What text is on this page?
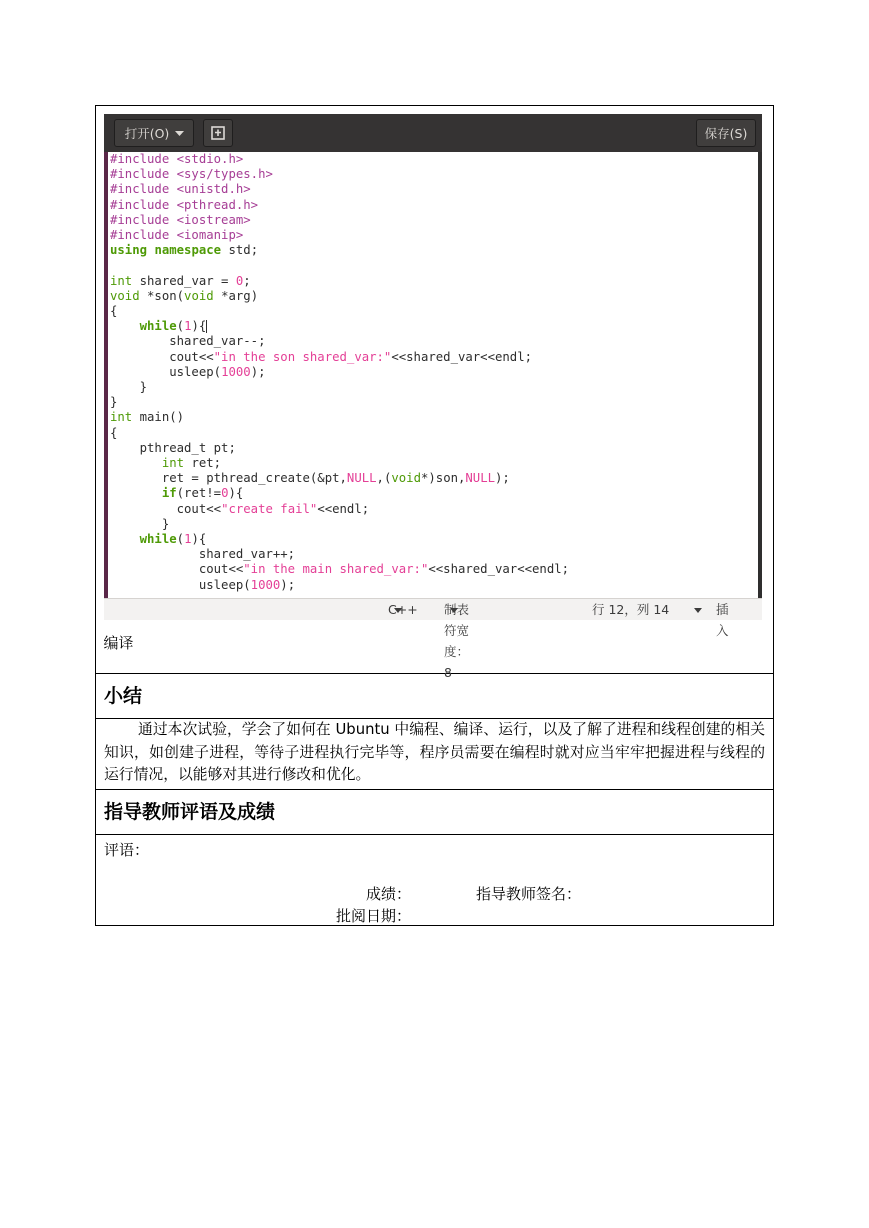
打开(O)	保存(S)
#include <stdio.h>
#include <sys/types.h>
#include <unistd.h>
#include <pthread.h>
#include <iostream>
#include <iomanip>
using namespace std;

int shared_var = 0;
void *son(void *arg)
{
while(1){
shared_var--;
cout<<"in the son shared_var:"<<shared_var<<endl;
usleep(1000);
}
}
int main()
{
pthread_t pt;
int ret;
ret = pthread_create(&pt,NULL,(void*)son,NULL);
if(ret!=0){
cout<<"create fail"<<endl;
}
while(1){
shared_var++;
cout<<"in the main shared_var:"<<shared_var<<endl;
usleep(1000);
C++ 制表符宽度：8
行 12，列 14	插入
编译

小结

通过本次试验，学会了如何在 Ubuntu 中编程、编译、运行，以及了解了进程和线程创建的相关知识，如创建子进程，等待子进程执行完毕等，程序员需要在编程时就对应当牢牢把握进程与线程的运行情况，以能够对其进行修改和优化。

指导教师评语及成绩

评语：
成绩：	指导教师签名：
批阅日期：
